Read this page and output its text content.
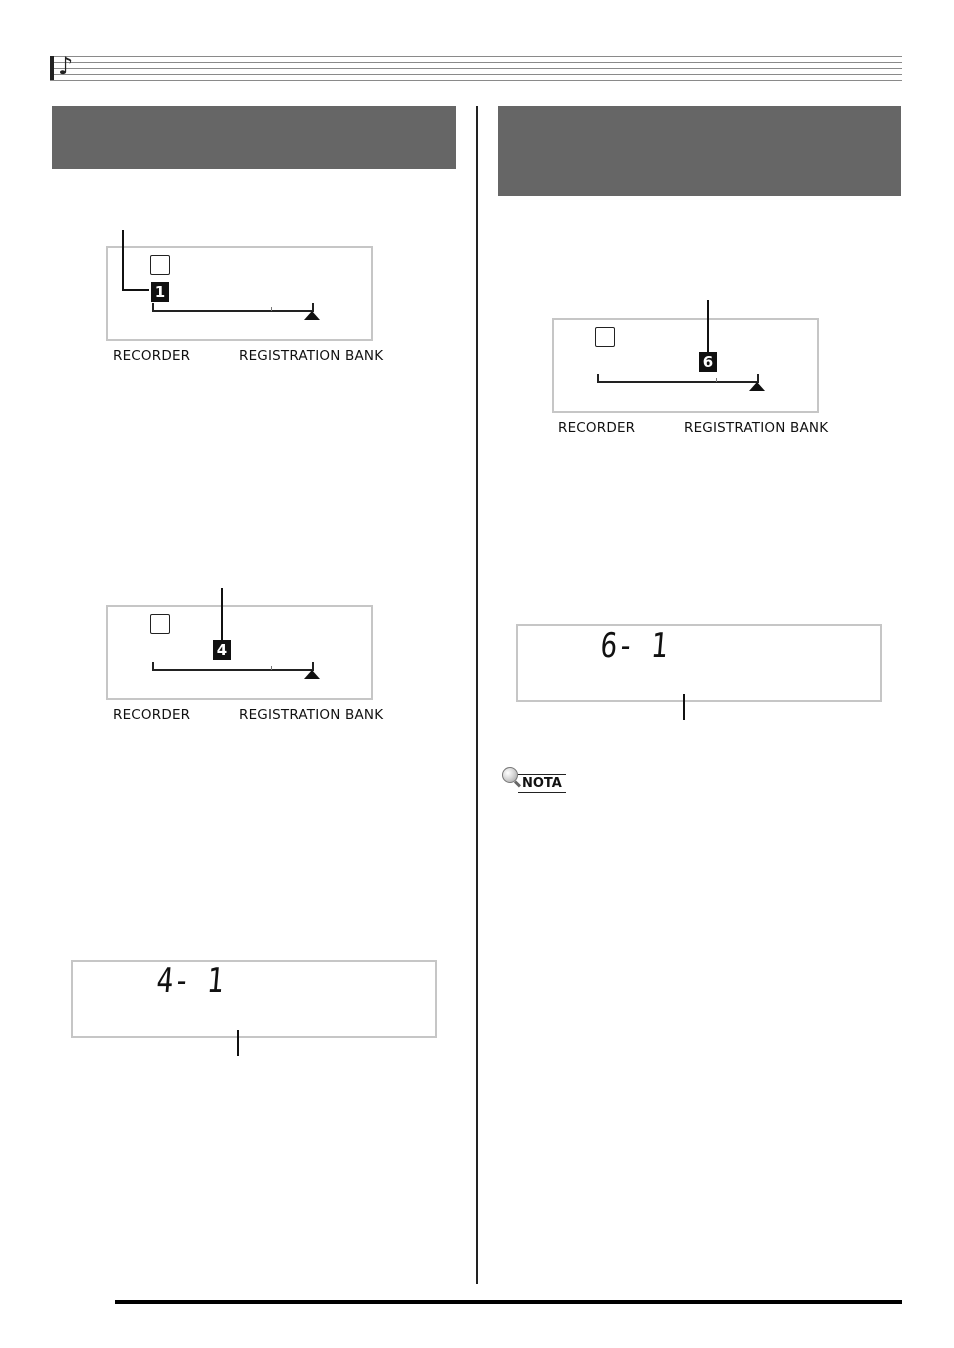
♪
1
RECORDER	REGISTRATION BANK
4
RECORDER	REGISTRATION BANK
6
RECORDER	REGISTRATION BANK
4- 1
6- 1
NOTA
